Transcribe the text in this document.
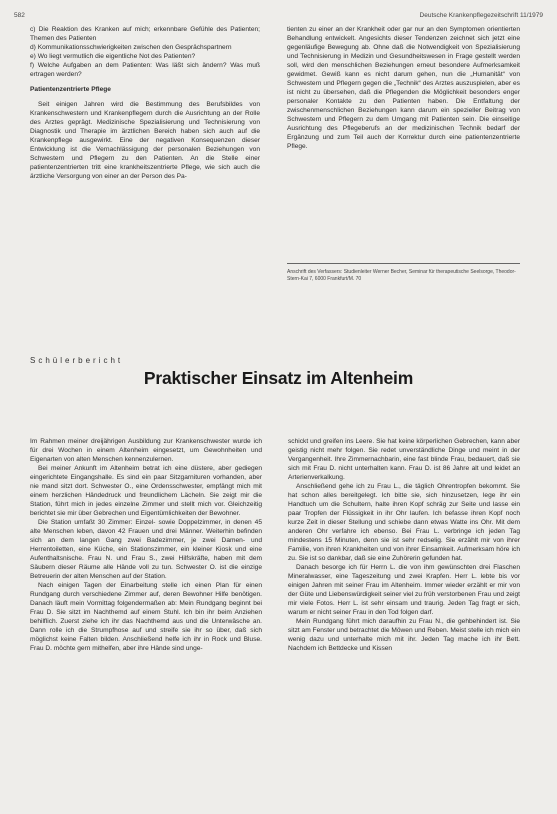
582	Deutsche Krankenpflegezeitschrift 11/1979

c) Die Reaktion des Kranken auf mich; erkennbare Gefühle des Patienten; Themen des Patienten

d) Kommunikationsschwierigkeiten zwischen den Gesprächspartnern

e) Wo liegt vermutlich die eigentliche Not des Patienten?

f) Welche Aufgaben an dem Patienten: Was läßt sich ändern? Was muß ertragen werden?

Patientenzentrierte Pflege

Seit einigen Jahren wird die Bestimmung des Berufsbildes von Krankenschwestern und Krankenpflegern durch die Ausrichtung an der Rolle des Arztes geprägt. Medizinische Spezialisierung und Technisierung von Diagnostik und Therapie im ärztlichen Bereich haben sich auch auf die Krankenpflege ausgewirkt. Eine der negativen Konsequenzen dieser Entwicklung ist die Vernachlässigung der personalen Beziehungen von Schwestern und Pflegern zu den Patienten. An die Stelle einer patientenzentrierten tritt eine krankheitszentrierte Pflege, wie sich auch die ärztliche Versorgung von einer an der Person des Pa-

tienten zu einer an der Krankheit oder gar nur an den Symptomen orientierten Behandlung entwickelt. Angesichts dieser Tendenzen zeichnet sich jetzt eine gegenläufige Bewegung ab. Ohne daß die Notwendigkeit von Spezialisierung und Technisierung in Medizin und Gesundheitswesen in Frage gestellt werden soll, wird den menschlichen Beziehungen erneut besondere Aufmerksamkeit gewidmet. Gewiß kann es nicht darum gehen, nun die „Humanität“ von Schwestern und Pflegern gegen die „Technik“ des Arztes auszuspielen, aber es ist nicht zu übersehen, daß die Pflegenden die Möglichkeit besonders enger personaler Kontakte zu den Patienten haben. Die Entfaltung der zwischenmenschlichen Beziehungen kann darum ein spezieller Beitrag von Schwestern und Pflegern zu dem Umgang mit Patienten sein. Die einseitige Ausrichtung des Pflegeberufs an der medizinischen Technik bedarf der Ergänzung und zum Teil auch der Korrektur durch eine patientenzentrierte Pflege.

Anschrift des Verfassers: Studienleiter Werner Becher, Seminar für therapeutische Seelsorge, Theodor-Stern-Kai 7, 6000 Frankfurt/M. 70
Schülerbericht
Praktischer Einsatz im Altenheim

Im Rahmen meiner dreijährigen Ausbildung zur Krankenschwester wurde ich für drei Wochen in einem Altenheim eingesetzt, um Gewohnheiten und Eigenarten von alten Menschen kennenzulernen.

Bei meiner Ankunft im Altenheim betrat ich eine düstere, aber gediegen eingerichtete Eingangshalle. Es sind ein paar Sitzgarnituren vorhanden, aber nie mand sitzt dort. Schwester O., eine Ordensschwester, empfängt mich mit einem herzlichen Händedruck und freundlichem Lächeln. Sie zeigt mir die Station, führt mich in jedes einzelne Zimmer und stellt mich vor. Gleichzeitig berichtet sie mir über Gebrechen und Eigentümlichkeiten der Bewohner.

Die Station umfaßt 30 Zimmer: Einzel- sowie Doppelzimmer, in denen 45 alte Menschen leben, davon 42 Frauen und drei Männer. Weiterhin befinden sich an dem langen Gang zwei Badezimmer, je zwei Damen- und Herrentoiletten, eine Küche, ein Stationszimmer, ein kleiner Kiosk und eine Aufenthaltsnische. Frau N. und Frau S., zwei Hilfskräfte, haben mit dem Säubern dieser Räume alle Hände voll zu tun. Schwester O. ist die einzige Betreuerin der alten Menschen auf der Station.

Nach einigen Tagen der Einarbeitung stelle ich einen Plan für einen Rundgang durch verschiedene Zimmer auf, deren Bewohner Hilfe benötigen. Danach läuft mein Vormittag folgendermaßen ab: Mein Rundgang beginnt bei Frau D. Sie sitzt im Nachthemd auf einem Stuhl. Ich bin ihr beim Anziehen behilflich. Zuerst ziehe ich ihr das Nachthemd aus und die Unterwäsche an. Dann rolle ich die Strumpfhose auf und streife sie ihr so über, daß sich möglichst keine Falten bilden. Anschließend helfe ich ihr in Rock und Bluse. Frau D. möchte gern mithelfen, aber ihre Hände sind unge-

schickt und greifen ins Leere. Sie hat keine körperlichen Gebrechen, kann aber geistig nicht mehr folgen. Sie redet unverständliche Dinge und meint in der Vergangenheit. Ihre Zimmernachbarin, eine fast blinde Frau, bedauert, daß sie sich mit Frau D. nicht unterhalten kann. Frau D. ist 86 Jahre alt und leidet an Arterienverkalkung.

Anschließend gehe ich zu Frau L., die täglich Ohrentropfen bekommt. Sie hat schon alles bereitgelegt. Ich bitte sie, sich hinzusetzen, lege ihr ein Handtuch um die Schultern, halte ihren Kopf schräg zur Seite und lasse ein paar Tropfen der Flüssigkeit in ihr Ohr laufen. Ich befasse ihren Kopf noch kurze Zeit in dieser Stellung und schiebe dann etwas Watte ins Ohr. Mit dem anderen Ohr verfahre ich ebenso. Bei Frau L. verbringe ich jeden Tag mindestens 15 Minuten, denn sie ist sehr redselig. Sie erzählt mir von ihrer Familie, von ihren Krankheiten und von ihrer Einsamkeit. Aufmerksam höre ich zu. Sie ist so dankbar, daß sie eine Zuhörerin gefunden hat.

Danach besorge ich für Herrn L. die von ihm gewünschten drei Flaschen Mineralwasser, eine Tageszeitung und zwei Krapfen. Herr L. lebte bis vor einigen Jahren mit seiner Frau im Altenheim. Immer wieder erzählt er mir von der Güte und Liebenswürdigkeit seiner viel zu früh verstorbenen Frau und zeigt mir viele Fotos. Herr L. ist sehr einsam und traurig. Jeden Tag fragt er sich, warum er nicht seiner Frau in den Tod folgen darf.

Mein Rundgang führt mich daraufhin zu Frau N., die gehbehindert ist. Sie sitzt am Fenster und betrachtet die Möwen und Reben. Meist stelle ich mich ein wenig dazu und unterhalte mich mit ihr. Jeden Tag mache ich ihr Bett. Nachdem ich Bettdecke und Kissen
